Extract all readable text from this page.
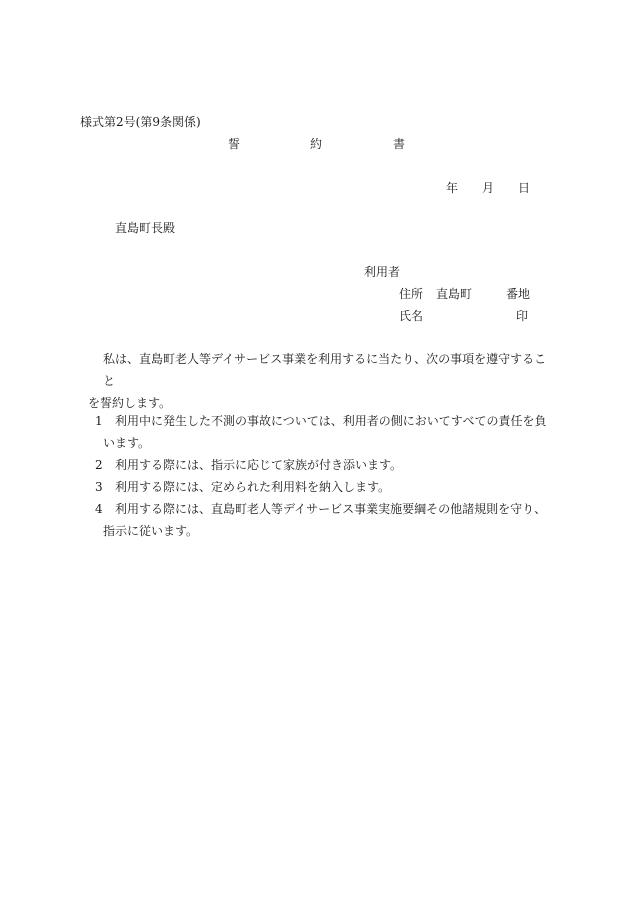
様式第2号(第9条関係)

誓

	約

	書

年

月

日

直島町長殿
利用者
住所 直島町	番地
氏名	印
私は、直島町老人等デイサービス事業を利用するに当たり、次の事項を遵守すること
を誓約します。
1	利用中に発生した不測の事故については、利用者の側においてすべての責任を負います。
2	利用する際には、指示に応じて家族が付き添います。
3	利用する際には、定められた利用料を納入します。
4	利用する際には、直島町老人等デイサービス事業実施要綱その他諸規則を守り、指示に従います。
